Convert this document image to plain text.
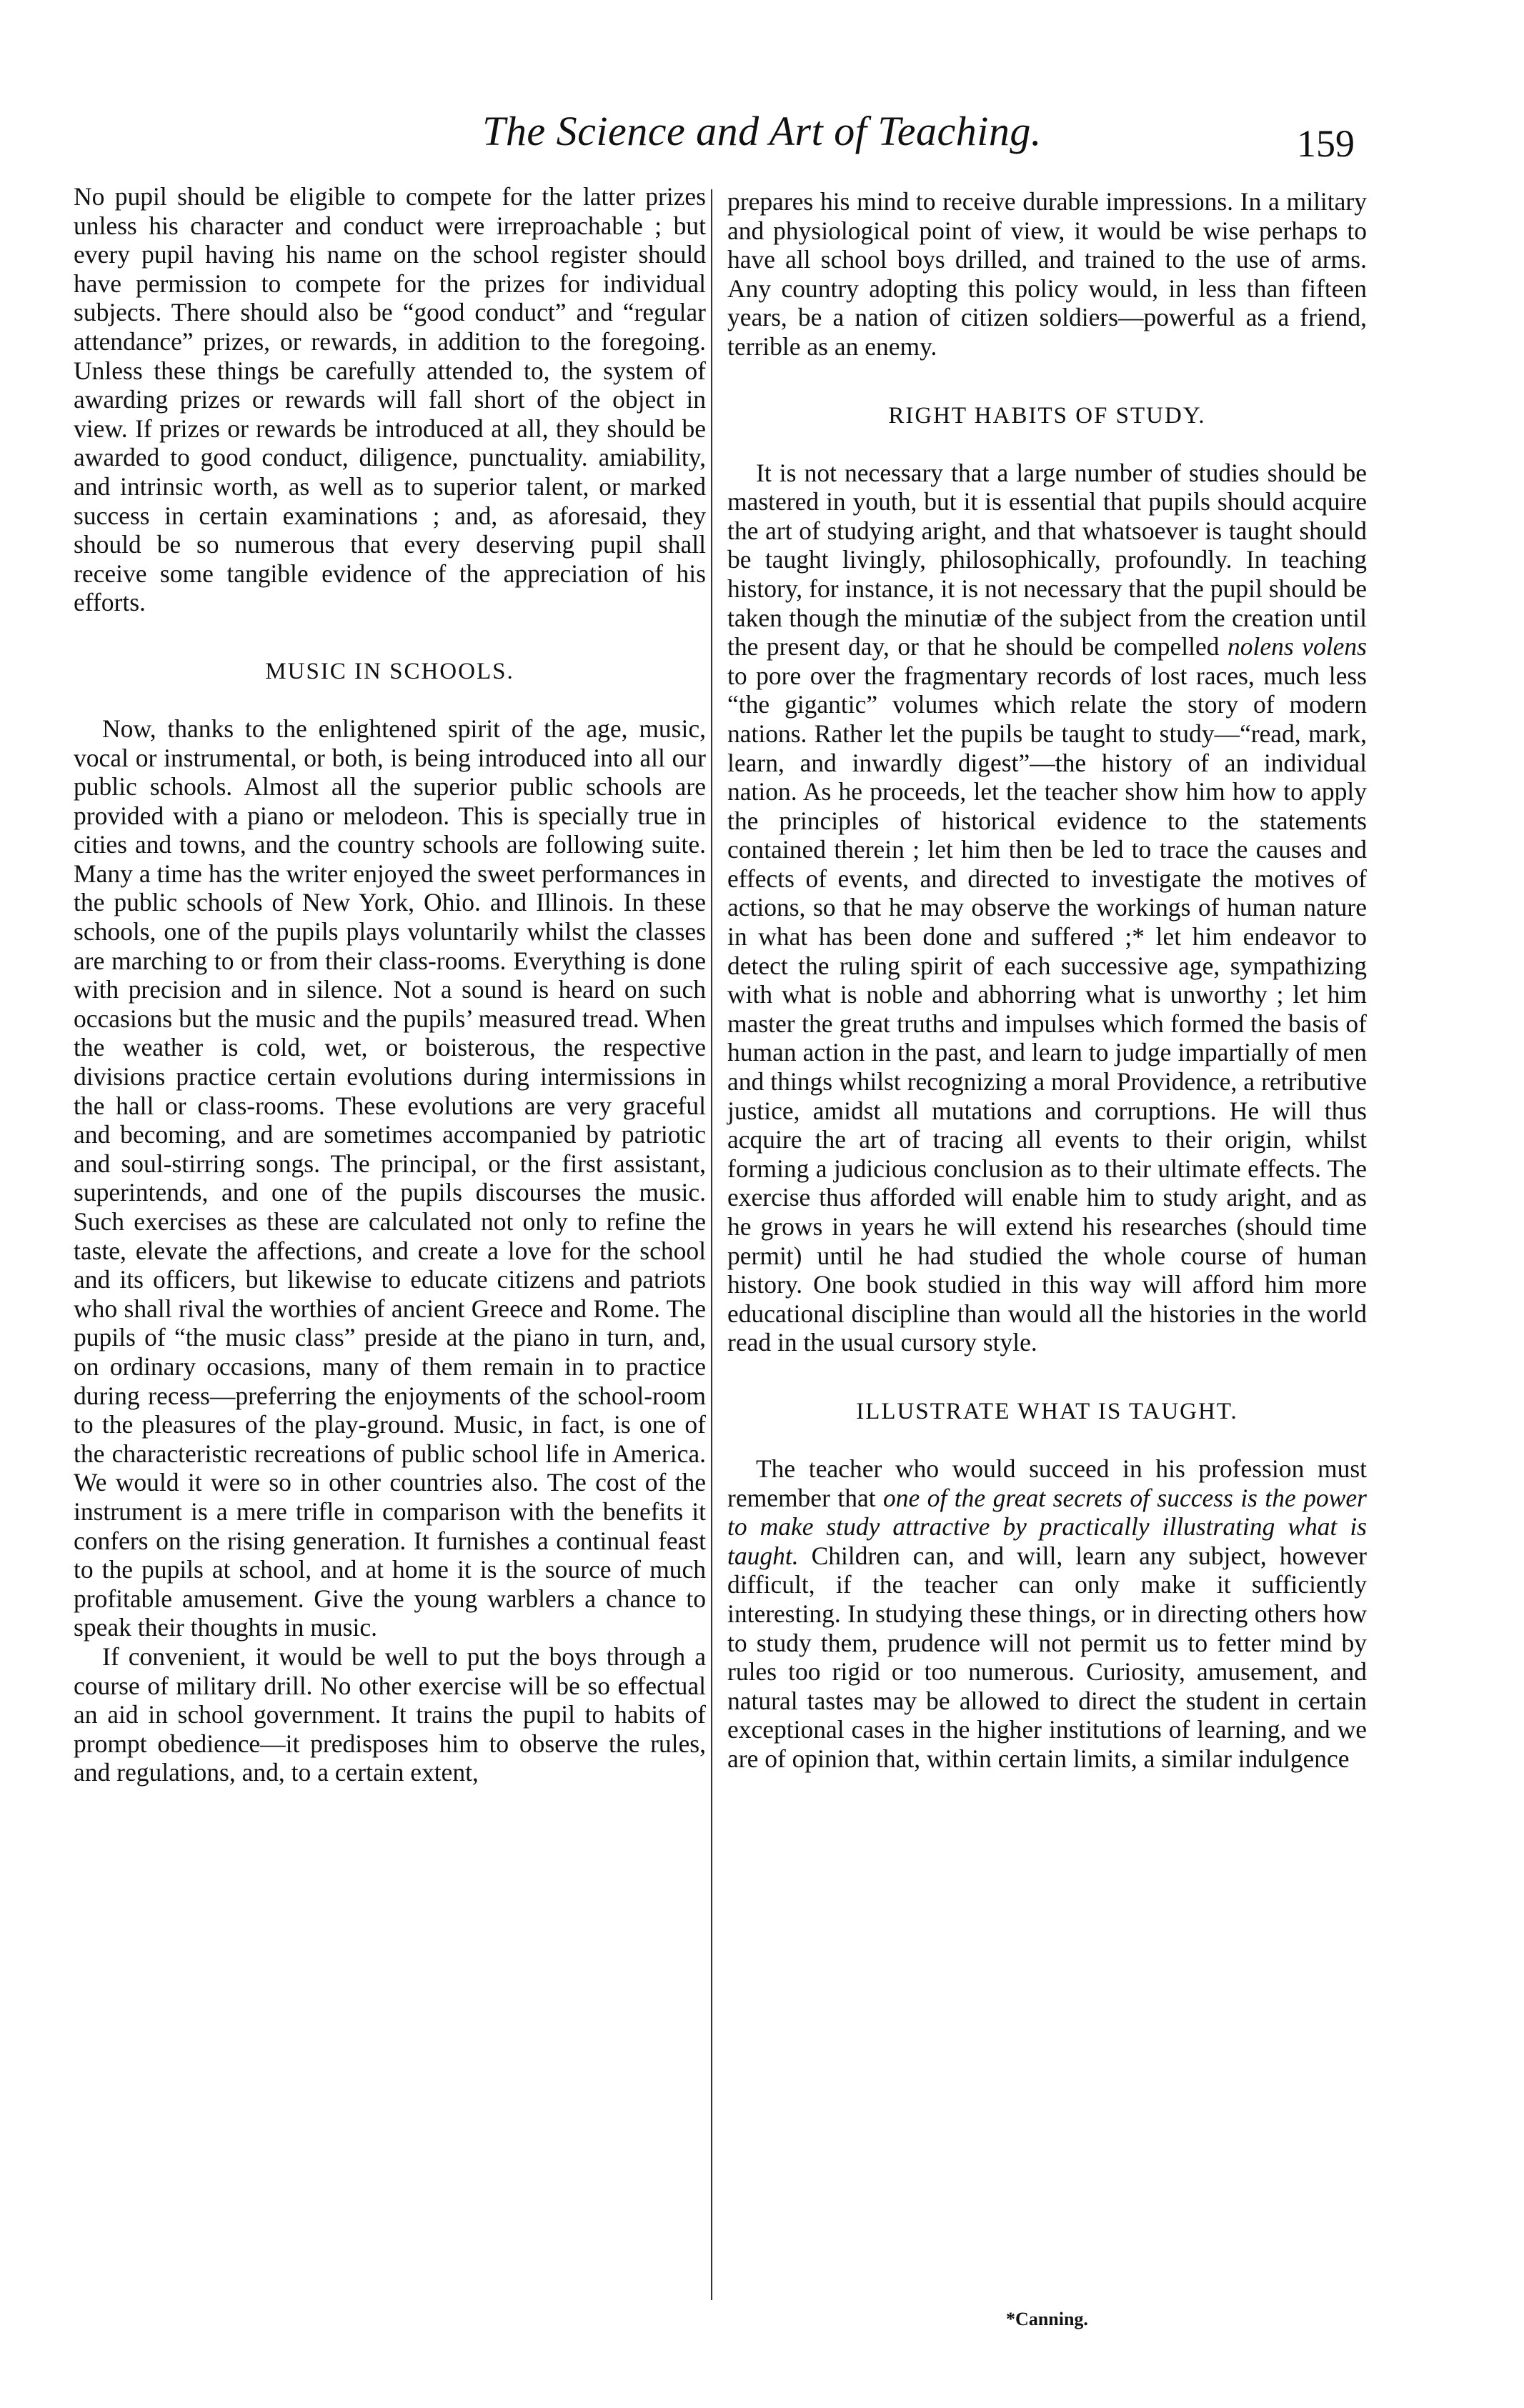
The Science and Art of Teaching.	159

No pupil should be eligible to compete for the latter prizes unless his character and conduct were irreproachable ; but every pupil having his name on the school register should have permission to compete for the prizes for individual subjects. There should also be “good conduct” and “regular attendance” prizes, or rewards, in addition to the foregoing. Unless these things be carefully attended to, the system of awarding prizes or rewards will fall short of the object in view. If prizes or rewards be introduced at all, they should be awarded to good conduct, diligence, punctuality. amiability, and intrinsic worth, as well as to superior talent, or marked success in certain examinations ; and, as aforesaid, they should be so numerous that every deserving pupil shall receive some tangible evidence of the appreciation of his efforts.

MUSIC IN SCHOOLS.

Now, thanks to the enlightened spirit of the age, music, vocal or instrumental, or both, is being introduced into all our public schools. Almost all the superior public schools are provided with a piano or melodeon. This is specially true in cities and towns, and the country schools are following suite. Many a time has the writer enjoyed the sweet performances in the public schools of New York, Ohio. and Illinois. In these schools, one of the pupils plays voluntarily whilst the classes are marching to or from their class-rooms. Everything is done with precision and in silence. Not a sound is heard on such occasions but the music and the pupils’ measured tread. When the weather is cold, wet, or boisterous, the respective divisions practice certain evolutions during intermissions in the hall or class-rooms. These evolutions are very graceful and becoming, and are sometimes accompanied by patriotic and soul-stirring songs. The principal, or the first assistant, superintends, and one of the pupils discourses the music. Such exercises as these are calculated not only to refine the taste, elevate the affections, and create a love for the school and its officers, but likewise to educate citizens and patriots who shall rival the worthies of ancient Greece and Rome. The pupils of “the music class” preside at the piano in turn, and, on ordinary occasions, many of them remain in to practice during recess—preferring the enjoyments of the school-room to the pleasures of the play-ground. Music, in fact, is one of the characteristic recreations of public school life in America. We would it were so in other countries also. The cost of the instrument is a mere trifle in comparison with the benefits it confers on the rising generation. It furnishes a continual feast to the pupils at school, and at home it is the source of much profitable amusement. Give the young warblers a chance to speak their thoughts in music.

If convenient, it would be well to put the boys through a course of military drill. No other exercise will be so effectual an aid in school government. It trains the pupil to habits of prompt obedience—it predisposes him to observe the rules, and regulations, and, to a certain extent,

prepares his mind to receive durable impressions. In a military and physiological point of view, it would be wise perhaps to have all school boys drilled, and trained to the use of arms. Any country adopting this policy would, in less than fifteen years, be a nation of citizen soldiers—powerful as a friend, terrible as an enemy.

RIGHT HABITS OF STUDY.

It is not necessary that a large number of studies should be mastered in youth, but it is essential that pupils should acquire the art of studying aright, and that whatsoever is taught should be taught livingly, philosophically, profoundly. In teaching history, for instance, it is not necessary that the pupil should be taken though the minutiæ of the subject from the creation until the present day, or that he should be compelled nolens volens to pore over the fragmentary records of lost races, much less “the gigantic” volumes which relate the story of modern nations. Rather let the pupils be taught to study—“read, mark, learn, and inwardly digest”—the history of an individual nation. As he proceeds, let the teacher show him how to apply the principles of historical evidence to the statements contained therein ; let him then be led to trace the causes and effects of events, and directed to investigate the motives of actions, so that he may observe the workings of human nature in what has been done and suffered ;* let him endeavor to detect the ruling spirit of each successive age, sympathizing with what is noble and abhorring what is unworthy ; let him master the great truths and impulses which formed the basis of human action in the past, and learn to judge impartially of men and things whilst recognizing a moral Providence, a retributive justice, amidst all mutations and corruptions. He will thus acquire the art of tracing all events to their origin, whilst forming a judicious conclusion as to their ultimate effects. The exercise thus afforded will enable him to study aright, and as he grows in years he will extend his researches (should time permit) until he had studied the whole course of human history. One book studied in this way will afford him more educational discipline than would all the histories in the world read in the usual cursory style.

ILLUSTRATE WHAT IS TAUGHT.

The teacher who would succeed in his profession must remember that one of the great secrets of success is the power to make study attractive by practically illustrating what is taught. Children can, and will, learn any subject, however difficult, if the teacher can only make it sufficiently interesting. In studying these things, or in directing others how to study them, prudence will not permit us to fetter mind by rules too rigid or too numerous. Curiosity, amusement, and natural tastes may be allowed to direct the student in certain exceptional cases in the higher institutions of learning, and we are of opinion that, within certain limits, a similar indulgence

*Canning.
